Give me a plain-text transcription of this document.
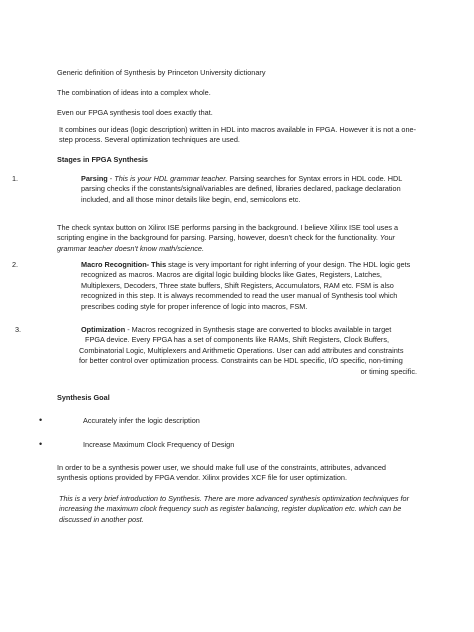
Generic definition of Synthesis by Princeton University dictionary

The combination of ideas into a complex whole.

Even our FPGA synthesis tool does exactly that.

It combines our ideas (logic description) written in HDL into macros available in FPGA. However it is not a one-step process. Several optimization techniques are used.

Stages in FPGA Synthesis

1.	Parsing - This is your HDL grammar teacher. Parsing searches for Syntax errors in HDL code. HDL parsing checks if the constants/signal/variables are defined, libraries declared, package declaration included, and all those minor details like begin, end, semicolons etc.

The check syntax button on Xilinx ISE performs parsing in the background. I believe Xilinx ISE tool uses a scripting engine in the background for parsing. Parsing, however, doesn't check for the functionality. Your grammar teacher doesn't know math/science.

2.	Macro Recognition- This stage is very important for right inferring of your design. The HDL logic gets recognized as macros. Macros are digital logic building blocks like Gates, Registers, Latches, Multiplexers, Decoders, Three state buffers, Shift Registers, Accumulators, RAM etc. FSM is also recognized in this step. It is always recommended to read the user manual of Synthesis tool which prescribes coding style for proper inference of logic into macros, FSM.

3.	Optimization - Macros recognized in Synthesis stage are converted to blocks available in target

FPGA device. Every FPGA has a set of components like RAMs, Shift Registers, Clock Buffers,

Combinatorial Logic, Multiplexers and Arithmetic Operations. User can add attributes and constraints

for better control over optimization process. Constraints can be HDL specific, I/O specific, non-timing

or timing specific.

Synthesis Goal

•	Accurately infer the logic description

•	Increase Maximum Clock Frequency of Design

In order to be a synthesis power user, we should make full use of the constraints, attributes, advanced synthesis options provided by FPGA vendor. Xilinx provides XCF file for user optimization.

This is a very brief introduction to Synthesis. There are more advanced synthesis optimization techniques for increasing the maximum clock frequency such as register balancing, register duplication etc. which can be discussed in another post.
